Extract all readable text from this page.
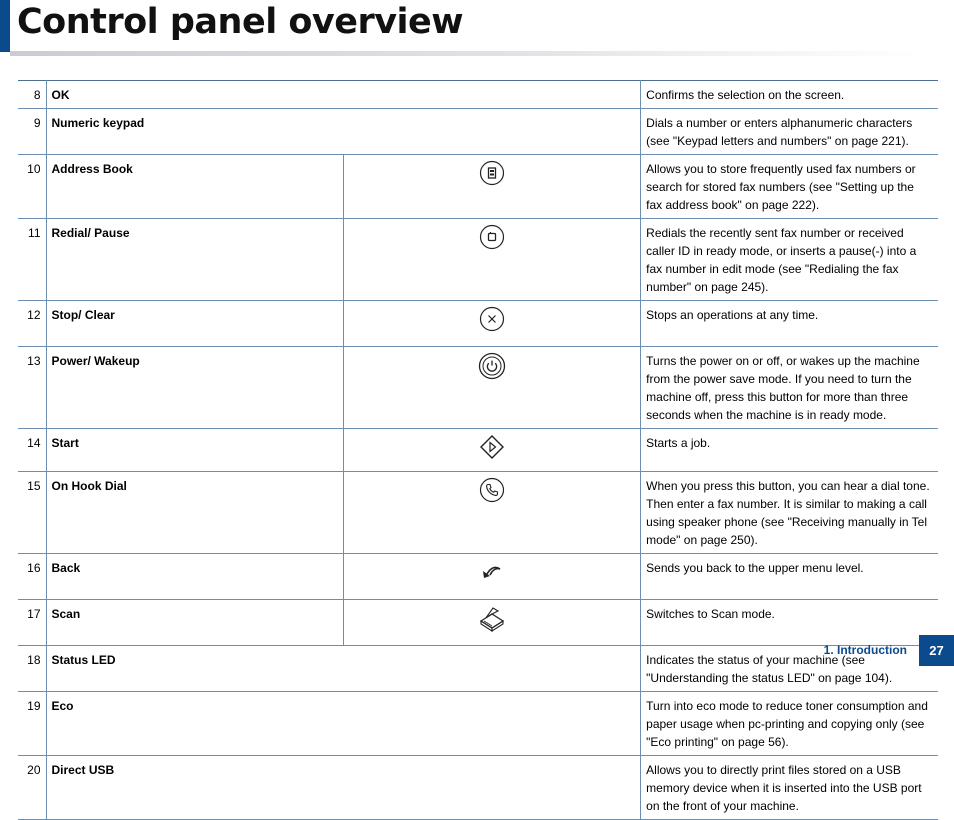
Control panel overview
8	OK		Confirms the selection on the screen.
9	Numeric keypad		Dials a number or enters alphanumeric characters (see "Keypad letters and numbers" on page 221).
10	Address Book		Allows you to store frequently used fax numbers or search for stored fax numbers (see "Setting up the fax address book" on page 222).
11	Redial/ Pause		Redials the recently sent fax number or received caller ID in ready mode, or inserts a pause(-) into a fax number in edit mode (see "Redialing the fax number" on page 245).
12	Stop/ Clear		Stops an operations at any time.
13	Power/ Wakeup		Turns the power on or off, or wakes up the machine from the power save mode. If you need to turn the machine off, press this button for more than three seconds when the machine is in ready mode.
14	Start		Starts a job.
15	On Hook Dial		When you press this button, you can hear a dial tone. Then enter a fax number. It is similar to making a call using speaker phone (see "Receiving manually in Tel mode" on page 250).
16	Back		Sends you back to the upper menu level.
17	Scan		Switches to Scan mode.
18	Status LED		Indicates the status of your machine (see "Understanding the status LED" on page 104).
19	Eco		Turn into eco mode to reduce toner consumption and paper usage when pc-printing and copying only (see "Eco printing" on page 56).
20	Direct USB		Allows you to directly print files stored on a USB memory device when it is inserted into the USB port on the front of your machine.
1. Introduction	27
